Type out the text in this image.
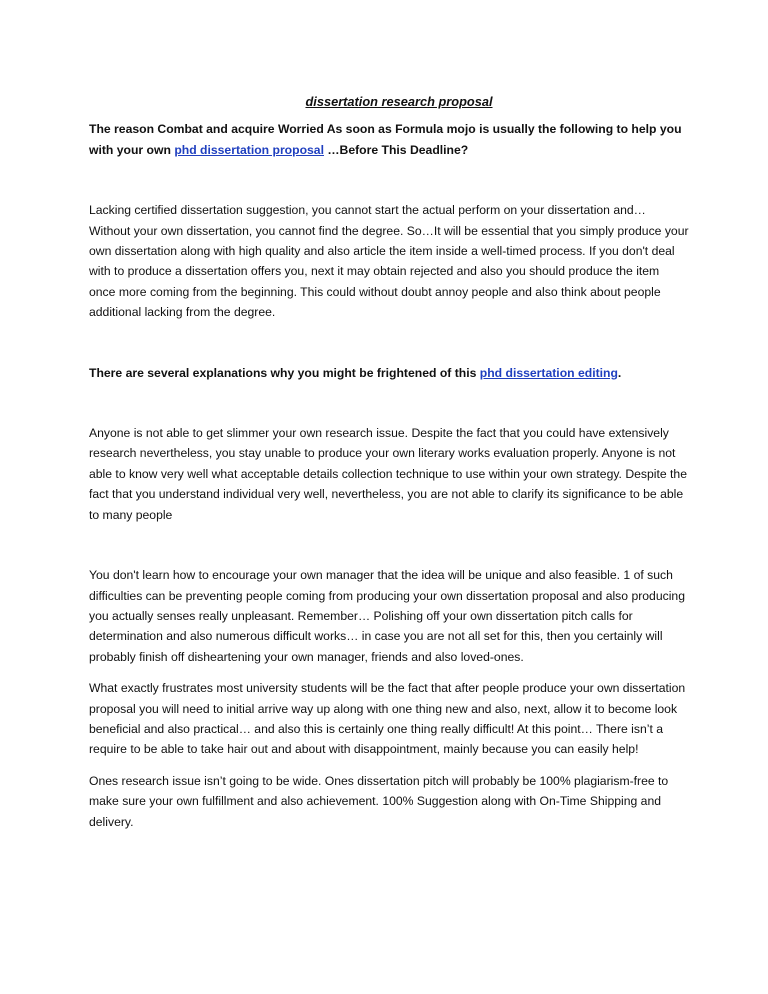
dissertation research proposal

The reason Combat and acquire Worried As soon as Formula mojo is usually the following to help you with your own phd dissertation proposal …Before This Deadline?

Lacking certified dissertation suggestion, you cannot start the actual perform on your dissertation and… Without your own dissertation, you cannot find the degree. So…It will be essential that you simply produce your own dissertation along with high quality and also article the item inside a well-timed process. If you don't deal with to produce a dissertation offers you, next it may obtain rejected and also you should produce the item once more coming from the beginning. This could without doubt annoy people and also think about people additional lacking from the degree.

There are several explanations why you might be frightened of this phd dissertation editing.

Anyone is not able to get slimmer your own research issue. Despite the fact that you could have extensively research nevertheless, you stay unable to produce your own literary works evaluation properly. Anyone is not able to know very well what acceptable details collection technique to use within your own strategy. Despite the fact that you understand individual very well, nevertheless, you are not able to clarify its significance to be able to many people

You don't learn how to encourage your own manager that the idea will be unique and also feasible. 1 of such difficulties can be preventing people coming from producing your own dissertation proposal and also producing you actually senses really unpleasant. Remember… Polishing off your own dissertation pitch calls for determination and also numerous difficult works… in case you are not all set for this, then you certainly will probably finish off disheartening your own manager, friends and also loved-ones.

What exactly frustrates most university students will be the fact that after people produce your own dissertation proposal you will need to initial arrive way up along with one thing new and also, next, allow it to become look beneficial and also practical… and also this is certainly one thing really difficult! At this point… There isn’t a require to be able to take hair out and about with disappointment, mainly because you can easily help!

Ones research issue isn’t going to be wide. Ones dissertation pitch will probably be 100% plagiarism-free to make sure your own fulfillment and also achievement. 100% Suggestion along with On-Time Shipping and delivery.
